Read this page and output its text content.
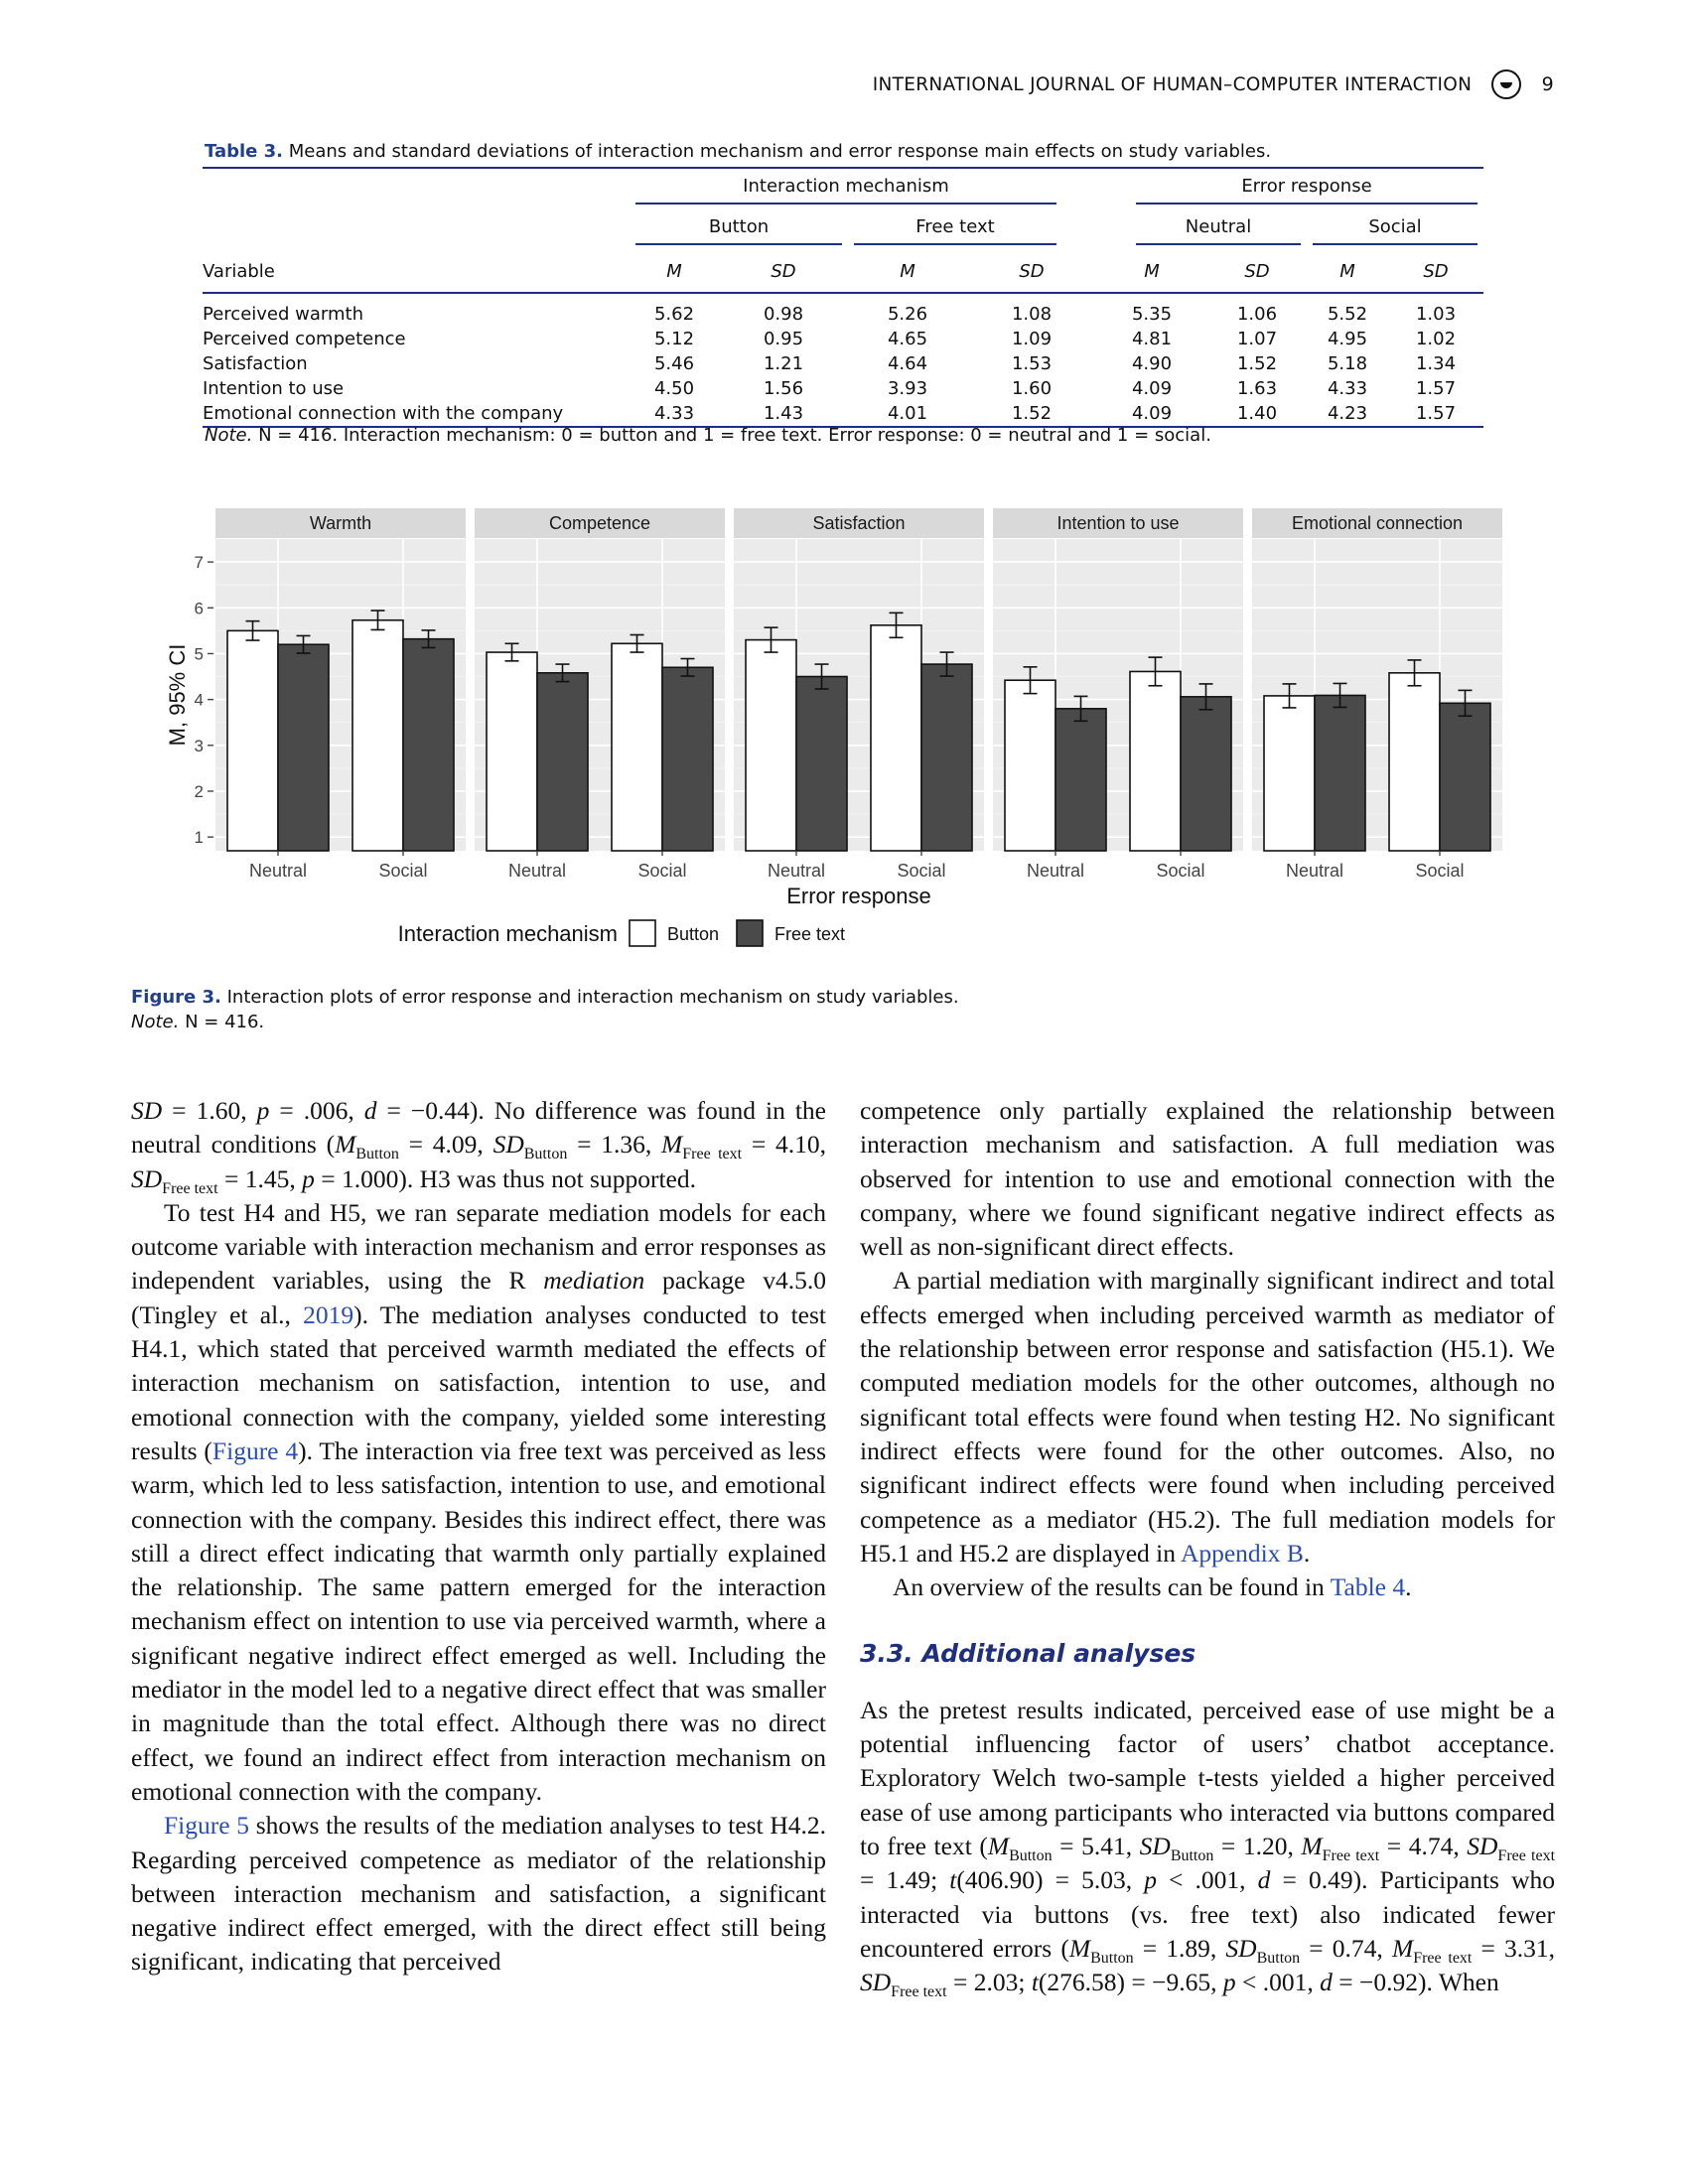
INTERNATIONAL JOURNAL OF HUMAN–COMPUTER INTERACTION	9
Table 3. Means and standard deviations of interaction mechanism and error response main effects on study variables.

	Interaction mechanism				Error response			

	Button		Free text		Neutral		Social	

Variable	M	SD	M	SD	M	SD	M	SD
Perceived warmth	5.62	0.98	5.26	1.08	5.35	1.06	5.52	1.03
Perceived competence	5.12	0.95	4.65	1.09	4.81	1.07	4.95	1.02
Satisfaction	5.46	1.21	4.64	1.53	4.90	1.52	5.18	1.34
Intention to use	4.50	1.56	3.93	1.60	4.09	1.63	4.33	1.57
Emotional connection with the company	4.33	1.43	4.01	1.52	4.09	1.40	4.23	1.57
Note. N = 416. Interaction mechanism: 0 = button and 1 = free text. Error response: 0 = neutral and 1 = social.
M, 95% CI
1
2
3
4
5
6
7
Warmth
Neutral	Social
Competence
Neutral	Social
Satisfaction
Neutral	Social
Intention to use
Neutral	Social
Emotional connection
Neutral	Social
Error response
Interaction mechanism	Button	Free text
Figure 3. Interaction plots of error response and interaction mechanism on study variables.
Note. N = 416.

SD = 1.60, p = .006, d = −0.44). No difference was found in the neutral conditions ($M_{Button} = 4.09$, $SD_{Button} = 1.36$, $M_{Free text} = 4.10$, $SD_{Free text} = 1.45$, p = 1.000). H3 was thus not supported.

To test H4 and H5, we ran separate mediation models for each outcome variable with interaction mechanism and error responses as independent variables, using the R mediation package v4.5.0 (Tingley et al., 2019). The mediation analyses conducted to test H4.1, which stated that perceived warmth mediated the effects of interaction mechanism on satisfaction, intention to use, and emotional connection with the company, yielded some interesting results (Figure 4). The interaction via free text was perceived as less warm, which led to less satisfaction, intention to use, and emotional connection with the company. Besides this indirect effect, there was still a direct effect indicating that warmth only partially explained the relationship. The same pattern emerged for the interaction mechanism effect on intention to use via perceived warmth, where a significant negative indirect effect emerged as well. Including the mediator in the model led to a negative direct effect that was smaller in magnitude than the total effect. Although there was no direct effect, we found an indirect effect from interaction mechanism on emotional connection with the company.

Figure 5 shows the results of the mediation analyses to test H4.2. Regarding perceived competence as mediator of the relationship between interaction mechanism and satisfaction, a significant negative indirect effect emerged, with the direct effect still being significant, indicating that perceived

competence only partially explained the relationship between interaction mechanism and satisfaction. A full mediation was observed for intention to use and emotional connection with the company, where we found significant negative indirect effects as well as non-significant direct effects.

A partial mediation with marginally significant indirect and total effects emerged when including perceived warmth as mediator of the relationship between error response and satisfaction (H5.1). We computed mediation models for the other outcomes, although no significant total effects were found when testing H2. No significant indirect effects were found for the other outcomes. Also, no significant indirect effects were found when including perceived competence as a mediator (H5.2). The full mediation models for H5.1 and H5.2 are displayed in Appendix B.

An overview of the results can be found in Table 4.

3.3. Additional analyses

As the pretest results indicated, perceived ease of use might be a potential influencing factor of users’ chatbot acceptance. Exploratory Welch two-sample t-tests yielded a higher perceived ease of use among participants who interacted via buttons compared to free text ($M_{Button} = 5.41$, $SD_{Button} = 1.20$, $M_{Free text} = 4.74$, $SD_{Free text} = 1.49$; t(406.90) = 5.03, p < .001, d = 0.49). Participants who interacted via buttons (vs. free text) also indicated fewer encountered errors ($M_{Button} = 1.89$, $SD_{Button} = 0.74$, $M_{Free text} = 3.31$, $SD_{Free text} = 2.03$; t(276.58) = −9.65, p < .001, d = −0.92). When
